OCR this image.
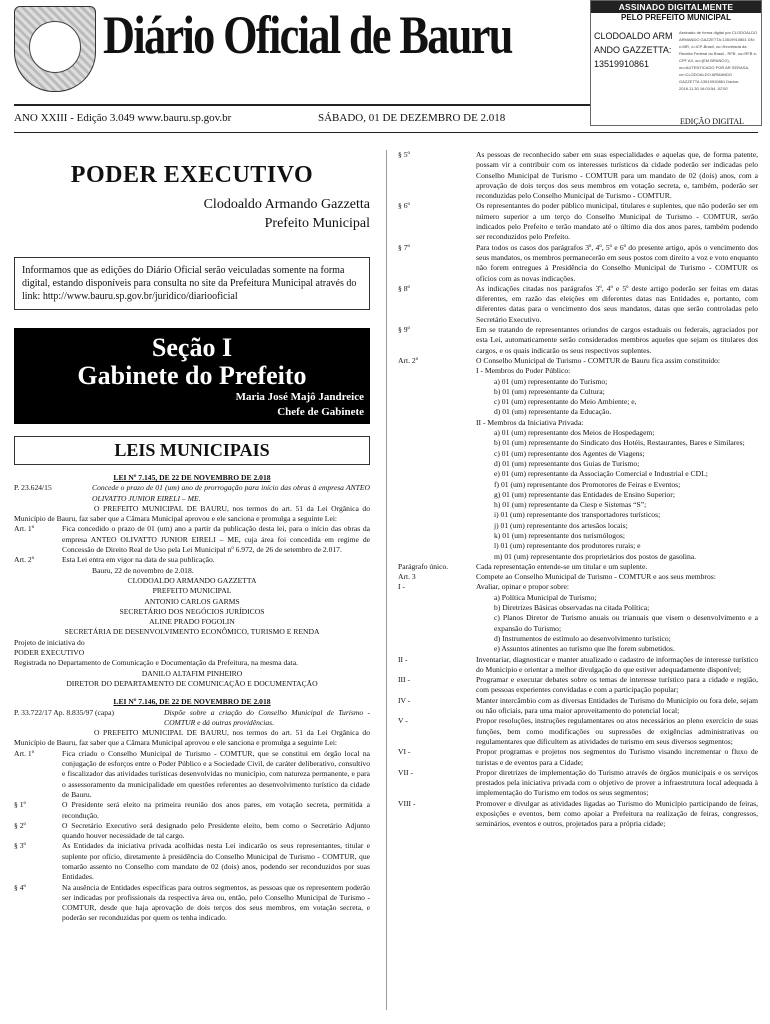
Diário Oficial de Bauru	ASSINADO DIGITALMENTE
PELO PREFEITO MUNICIPAL
CLODOALDO ARMANDO GAZZETTA:13519910861
Assinado de forma digital por CLODOALDO ARMANDO GAZZETTA:13519910861 DN: c=BR, o=ICP-Brasil, ou=Secretaria da Receita Federal do Brasil - RFB, ou=RFB e-CPF A3, ou=(EM BRANCO), ou=AUTENTICADO POR AR SERASA, cn=CLODOALDO ARMANDO GAZZETTA:13519910861 Dados: 2018.11.30 16:03:54 -02'00'
ANO XXIII - Edição 3.049 www.bauru.sp.gov.br	SÁBADO, 01 DE DEZEMBRO DE 2.018	EDIÇÃO DIGITAL
PODER EXECUTIVO
Clodoaldo Armando Gazzetta
Prefeito Municipal
Informamos que as edições do Diário Oficial serão veiculadas somente na forma digital, estando disponíveis para consulta no site da Prefeitura Municipal através do link: http://www.bauru.sp.gov.br/juridico/diariooficial
Seção I
Gabinete do Prefeito
Maria José Majô Jandreice
Chefe de Gabinete
LEIS MUNICIPAIS

LEI Nº 7.145, DE 22 DE NOVEMBRO DE 2.018

P. 23.624/15	Concede o prazo de 01 (um) ano de prorrogação para início das obras à empresa ANTEO OLIVATTO JUNIOR EIRELI – ME.

O PREFEITO MUNICIPAL DE BAURU, nos termos do art. 51 da Lei Orgânica do Município de Bauru, faz saber que a Câmara Municipal aprovou e ele sanciona e promulga a seguinte Lei:

Art. 1º	Fica concedido o prazo de 01 (um) ano a partir da publicação desta lei, para o início das obras da empresa ANTEO OLIVATTO JUNIOR EIRELI – ME, cuja área foi concedida em regime de Concessão de Direito Real de Uso pela Lei Municipal nº 6.972, de 26 de setembro de 2.017.
Art. 2º	Esta Lei entra em vigor na data de sua publicação.

Bauru, 22 de novembro de 2.018.

CLODOALDO ARMANDO GAZZETTA

PREFEITO MUNICIPAL

ANTONIO CARLOS GARMS

SECRETÁRIO DOS NEGÓCIOS JURÍDICOS

ALINE PRADO FOGOLIN

SECRETÁRIA DE DESENVOLVIMENTO ECONÔMICO, TURISMO E RENDA

Projeto de iniciativa do

PODER EXECUTIVO

Registrada no Departamento de Comunicação e Documentação da Prefeitura, na mesma data.

DANILO ALTAFIM PINHEIRO

DIRETOR DO DEPARTAMENTO DE COMUNICAÇÃO E DOCUMENTAÇÃO

LEI Nº 7.146, DE 22 DE NOVEMBRO DE 2.018

P. 33.722/17 Ap. 8.835/97 (capa)	Dispõe sobre a criação do Conselho Municipal de Turismo - COMTUR e dá outras providências.

O PREFEITO MUNICIPAL DE BAURU, nos termos do art. 51 da Lei Orgânica do Município de Bauru, faz saber que a Câmara Municipal aprovou e ele sanciona e promulga a seguinte Lei:

Art. 1º	Fica criado o Conselho Municipal de Turismo - COMTUR, que se constitui em órgão local na conjugação de esforços entre o Poder Público e a Sociedade Civil, de caráter deliberativo, consultivo e fiscalizador das atividades turísticas desenvolvidas no município, com natureza permanente, e para o assessoramento da municipalidade em questões referentes ao desenvolvimento turístico da cidade de Bauru.
§ 1º	O Presidente será eleito na primeira reunião dos anos pares, em votação secreta, permitida a recondução.
§ 2º	O Secretário Executivo será designado pelo Presidente eleito, bem como o Secretário Adjunto quando houver necessidade de tal cargo.
§ 3º	As Entidades da iniciativa privada acolhidas nesta Lei indicarão os seus representantes, titular e suplente por ofício, diretamente à presidência do Conselho Municipal de Turismo - COMTUR, que tomarão assento no Conselho com mandato de 02 (dois) anos, podendo ser reconduzidos por suas Entidades.
§ 4º	Na ausência de Entidades específicas para outros segmentos, as pessoas que os representem poderão ser indicadas por profissionais da respectiva área ou, então, pelo Conselho Municipal de Turismo - COMTUR, desde que haja aprovação de dois terços dos seus membros, em votação secreta, e poderão ser reconduzidas por quem os tenha indicado.
§ 5º	As pessoas de reconhecido saber em suas especialidades e aquelas que, de forma patente, possam vir a contribuir com os interesses turísticos da cidade poderão ser indicadas pelo Conselho Municipal de Turismo - COMTUR para um mandato de 02 (dois) anos, com a aprovação de dois terços dos seus membros em votação secreta, e, também, poderão ser reconduzidas pelo Conselho Municipal de Turismo - COMTUR.
§ 6º	Os representantes do poder público municipal, titulares e suplentes, que não poderão ser em número superior a um terço do Conselho Municipal de Turismo - COMTUR, serão indicados pelo Prefeito e terão mandato até o último dia dos anos pares, também podendo ser reconduzidos pelo Prefeito.
§ 7º	Para todos os casos dos parágrafos 3º, 4º, 5º e 6º do presente artigo, após o vencimento dos seus mandatos, os membros permanecerão em seus postos com direito a voz e voto enquanto não forem entregues à Presidência do Conselho Municipal de Turismo - COMTUR os ofícios com as novas indicações.
§ 8º	As indicações citadas nos parágrafos 3º, 4º e 5º deste artigo poderão ser feitas em datas diferentes, em razão das eleições em diferentes datas nas Entidades e, portanto, com diferentes datas para o vencimento dos seus mandatos, datas que serão controladas pelo Secretário Executivo.
§ 9º	Em se tratando de representantes oriundos de cargos estaduais ou federais, agraciados por esta Lei, automaticamente serão considerados membros aqueles que sejam os titulares dos cargos, e os quais indicarão os seus respectivos suplentes.
Art. 2º	O Conselho Municipal de Turismo - COMTUR de Bauru fica assim constituído:
I - Membros do Poder Público:
a) 01 (um) representante do Turismo;
b) 01 (um) representante da Cultura;
c) 01 (um) representante do Meio Ambiente; e,
d) 01 (um) representante da Educação.
II - Membros da Iniciativa Privada:
a) 01 (um) representante dos Meios de Hospedagem;
b) 01 (um) representante do Sindicato dos Hotéis, Restaurantes, Bares e Similares;
c) 01 (um) representante dos Agentes de Viagens;
d) 01 (um) representante dos Guias de Turismo;
e) 01 (um) representante da Associação Comercial e Industrial e CDL;
f) 01 (um) representante dos Promotores de Feiras e Eventos;
g) 01 (um) representante das Entidades de Ensino Superior;
h) 01 (um) representante da Ciesp e Sistemas “S”;
i) 01 (um) representante dos transportadores turísticos;
j) 01 (um) representante dos artesãos locais;
k) 01 (um) representante dos turismólogos;
l) 01 (um) representante dos produtores rurais; e
m) 01 (um) representante dos proprietários dos postos de gasolina.
Parágrafo único.	Cada representação entende-se um titular e um suplente.
Art. 3	Compete ao Conselho Municipal de Turismo - COMTUR e aos seus membros:
I -	Avaliar, opinar e propor sobre:
a) Política Municipal de Turismo;
b) Diretrizes Básicas observadas na citada Política;
c) Planos Diretor de Turismo anuais ou trianuais que visem o desenvolvimento e a expansão do Turismo;
d) Instrumentos de estímulo ao desenvolvimento turístico;
e) Assuntos atinentes ao turismo que lhe forem submetidos.
II -	Inventariar, diagnosticar e manter atualizado o cadastro de informações de interesse turístico do Município e orientar a melhor divulgação do que estiver adequadamente disponível;
III -	Programar e executar debates sobre os temas de interesse turístico para a cidade e região, com pessoas experientes convidadas e com a participação popular;
IV -	Manter intercâmbio com as diversas Entidades de Turismo do Município ou fora dele, sejam ou não oficiais, para uma maior aproveitamento do potencial local;
V -	Propor resoluções, instruções regulamentares ou atos necessários ao pleno exercício de suas funções, bem como modificações ou supressões de exigências administrativas ou regulamentares que dificultem as atividades de turismo em seus diversos segmentos;
VI -	Propor programas e projetos nos segmentos do Turismo visando incrementar o fluxo de turistas e de eventos para a Cidade;
VII -	Propor diretrizes de implementação do Turismo através de órgãos municipais e os serviços prestados pela iniciativa privada com o objetivo de prover a infraestrutura local adequada à implementação do Turismo em todos os seus segmentos;
VIII -	Promover e divulgar as atividades ligadas ao Turismo do Município participando de feiras, exposições e eventos, bem como apoiar a Prefeitura na realização de feiras, congressos, seminários, eventos e outros, projetados para a própria cidade;
